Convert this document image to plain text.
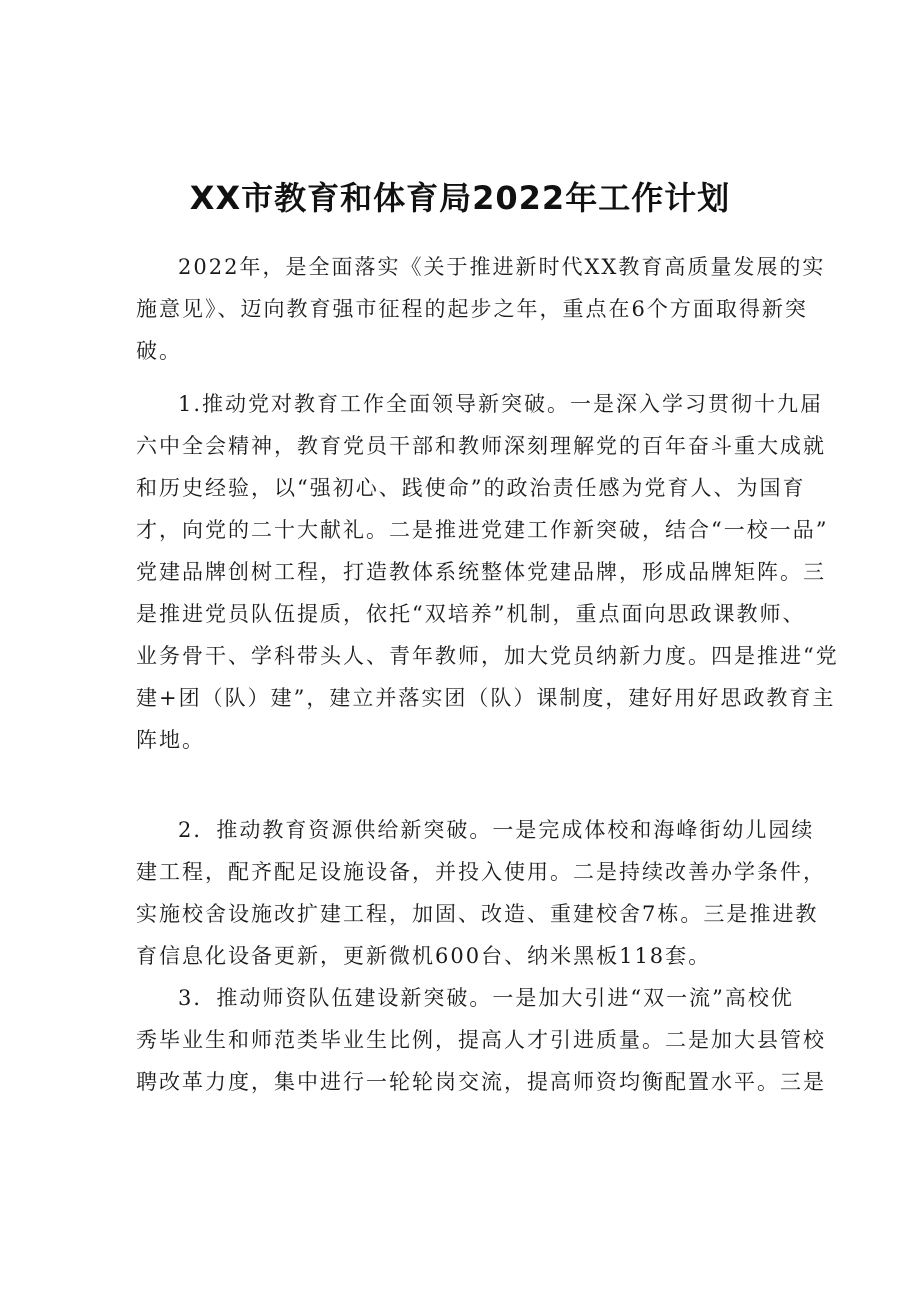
XX市教育和体育局2022年工作计划
2022年，是全面落实《关于推进新时代XX教育高质量发展的实
施意见》、迈向教育强市征程的起步之年，重点在6个方面取得新突
破。
1.推动党对教育工作全面领导新突破。一是深入学习贯彻十九届
六中全会精神，教育党员干部和教师深刻理解党的百年奋斗重大成就
和历史经验，以“强初心、践使命”的政治责任感为党育人、为国育
才，向党的二十大献礼。二是推进党建工作新突破，结合“一校一品”
党建品牌创树工程，打造教体系统整体党建品牌，形成品牌矩阵。三
是推进党员队伍提质，依托“双培养”机制，重点面向思政课教师、
业务骨干、学科带头人、青年教师，加大党员纳新力度。四是推进“党
建+团（队）建”，建立并落实团（队）课制度，建好用好思政教育主
阵地。
2．推动教育资源供给新突破。一是完成体校和海峰街幼儿园续
建工程，配齐配足设施设备，并投入使用。二是持续改善办学条件，
实施校舍设施改扩建工程，加固、改造、重建校舍7栋。三是推进教
育信息化设备更新，更新微机600台、纳米黑板118套。
3．推动师资队伍建设新突破。一是加大引进“双一流”高校优
秀毕业生和师范类毕业生比例，提高人才引进质量。二是加大县管校
聘改革力度，集中进行一轮轮岗交流，提高师资均衡配置水平。三是
